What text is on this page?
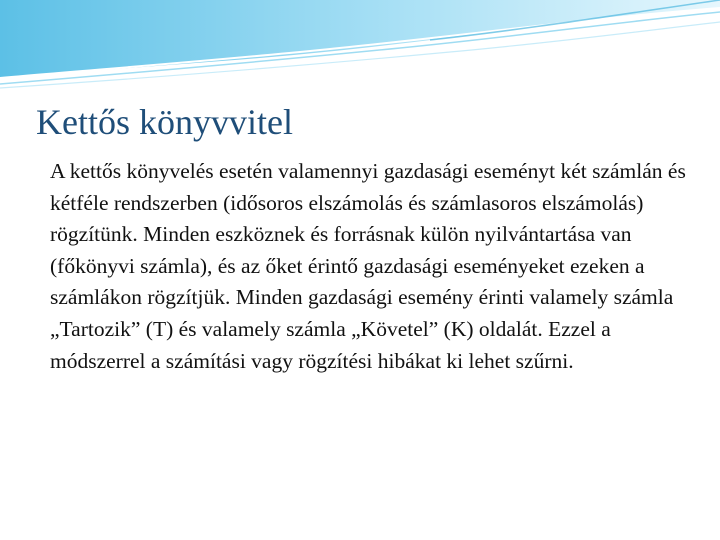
Kettős könyvvitel

A kettős könyvelés esetén valamennyi gazdasági eseményt két számlán és kétféle rendszerben (idősoros elszámolás és számlasoros elszámolás) rögzítünk. Minden eszköznek és forrásnak külön nyilvántartása van (főkönyvi számla), és az őket érintő gazdasági eseményeket ezeken a számlákon rögzítjük. Minden gazdasági esemény érinti valamely számla „Tartozik” (T) és valamely számla „Követel” (K) oldalát. Ezzel a módszerrel a számítási vagy rögzítési hibákat ki lehet szűrni.
